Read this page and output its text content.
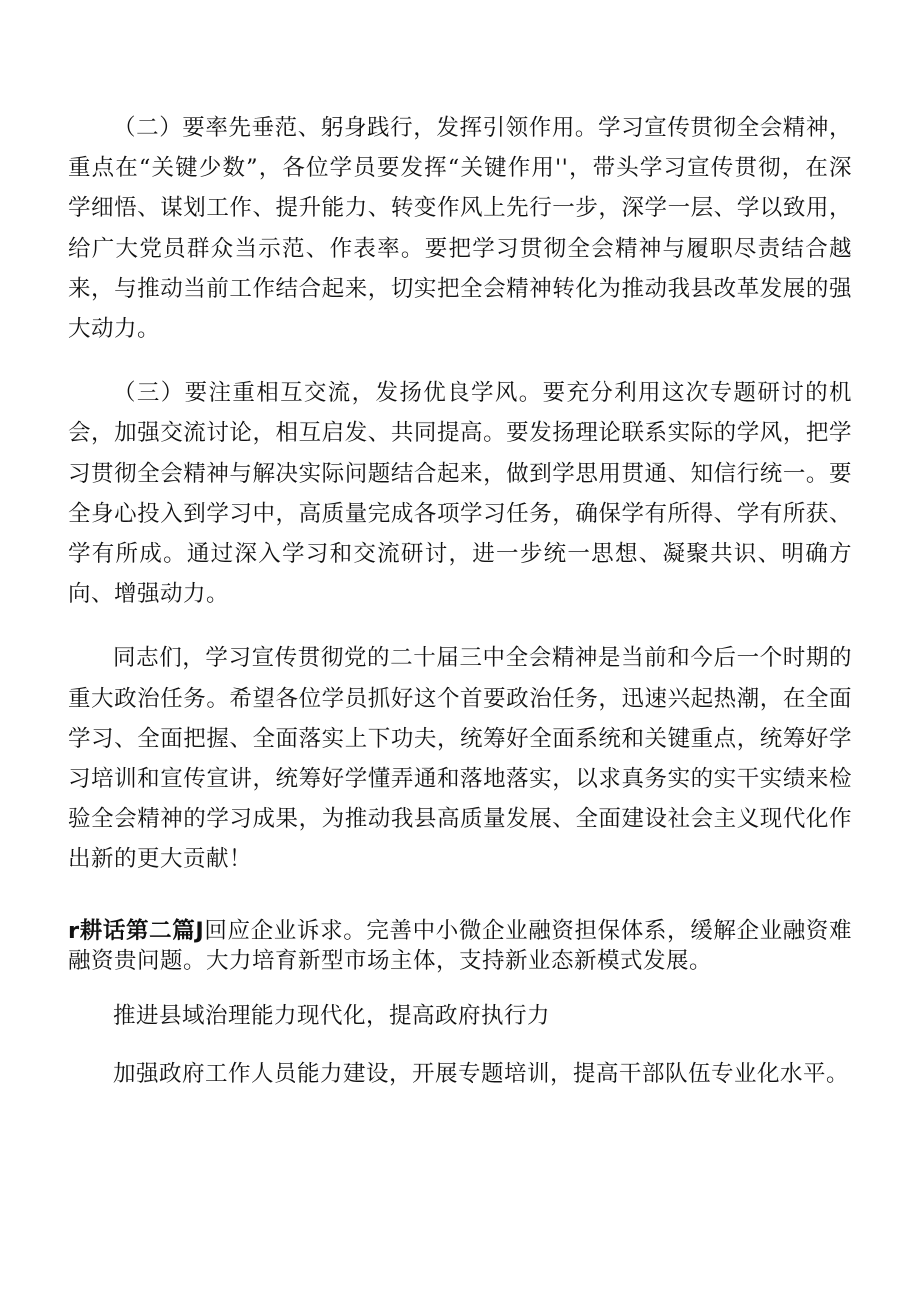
（二）要率先垂范、躬身践行，发挥引领作用。学习宣传贯彻全会精神，重点在“关键少数”，各位学员要发挥“关键作用''，带头学习宣传贯彻，在深学细悟、谋划工作、提升能力、转变作风上先行一步，深学一层、学以致用，给广大党员群众当示范、作表率。要把学习贯彻全会精神与履职尽责结合越来，与推动当前工作结合起来，切实把全会精神转化为推动我县改革发展的强大动力。

（三）要注重相互交流，发扬优良学风。要充分利用这次专题研讨的机会，加强交流讨论，相互启发、共同提高。要发扬理论联系实际的学风，把学习贯彻全会精神与解决实际问题结合起来，做到学思用贯通、知信行统一。要全身心投入到学习中，高质量完成各项学习任务，确保学有所得、学有所获、学有所成。通过深入学习和交流研讨，进一步统一思想、凝聚共识、明确方向、增强动力。

同志们，学习宣传贯彻党的二十届三中全会精神是当前和今后一个时期的重大政治任务。希望各位学员抓好这个首要政治任务，迅速兴起热潮，在全面学习、全面把握、全面落实上下功夫，统筹好全面系统和关键重点，统筹好学习培训和宣传宣讲，统筹好学懂弄通和落地落实，以求真务实的实干实绩来检验全会精神的学习成果，为推动我县高质量发展、全面建设社会主义现代化作出新的更大贡献！

r耕话第二篇J回应企业诉求。完善中小微企业融资担保体系，缓解企业融资难融资贵问题。大力培育新型市场主体，支持新业态新模式发展。

推进县域治理能力现代化，提高政府执行力

加强政府工作人员能力建设，开展专题培训，提高干部队伍专业化水平。
